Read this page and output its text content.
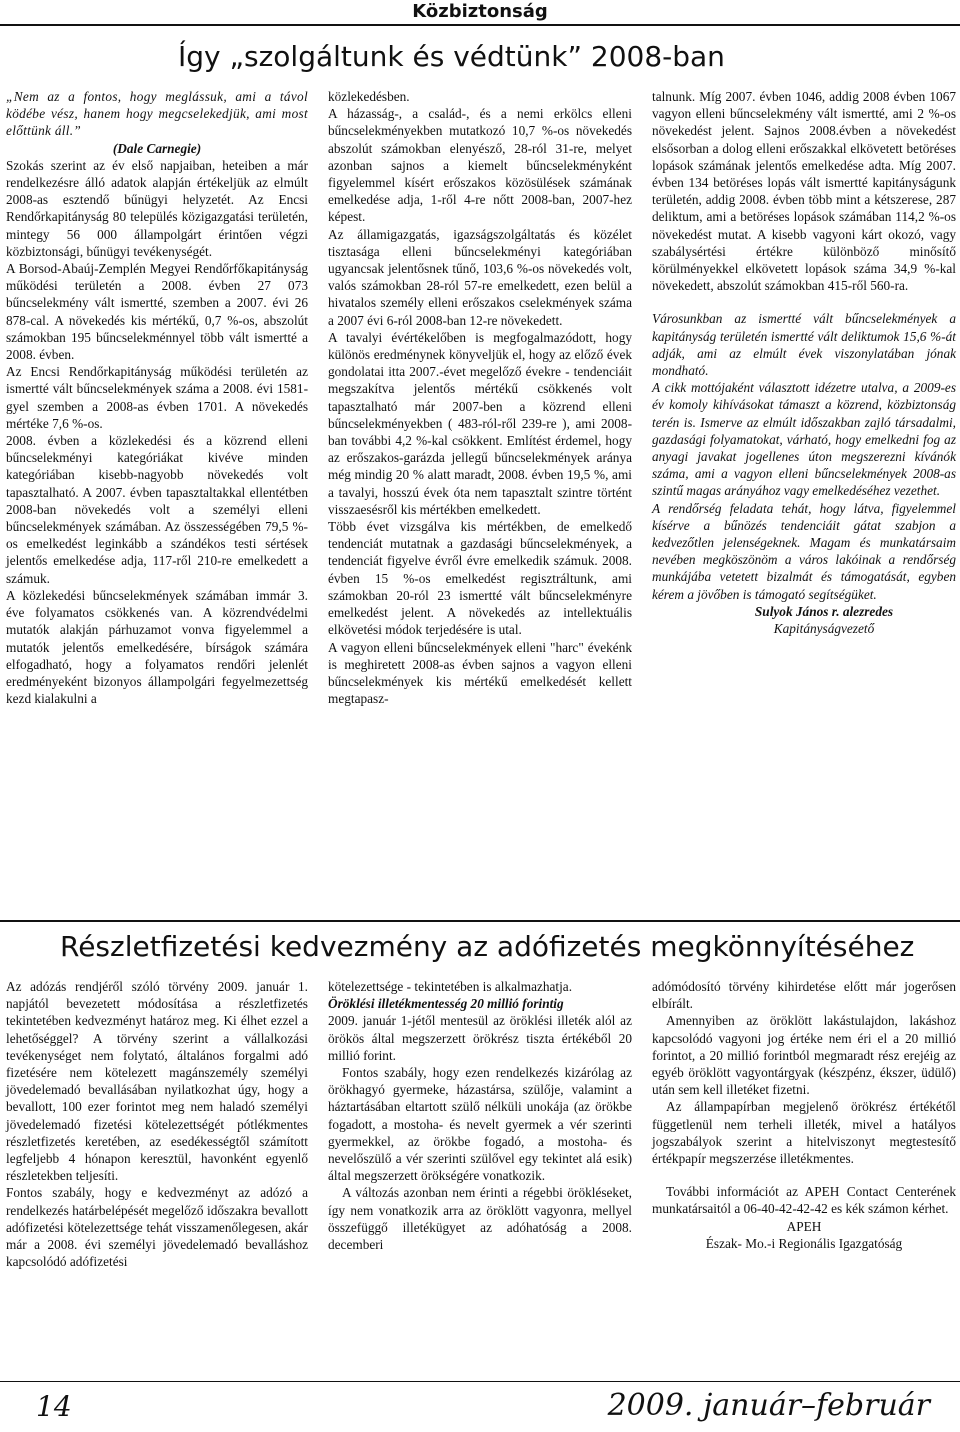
Közbiztonság
Így „szolgáltunk és védtünk” 2008-ban

„Nem az a fontos, hogy meglássuk, ami a távol ködébe vész, hanem hogy megcselekedjük, ami most előttünk áll.”

(Dale Carnegie)

Szokás szerint az év első napjaiban, heteiben a már rendelkezésre álló adatok alapján értékeljük az elmúlt 2008-as esztendő bűnügyi helyzetét. Az Encsi Rendőrkapitányság 80 település közigazgatási területén, mintegy 56 000 állampolgárt érintően végzi közbiztonsági, bűnügyi tevékenységét.

A Borsod-Abaúj-Zemplén Megyei Rendőrfőkapitányság működési területén a 2008. évben 27 073 bűncselekmény vált ismertté, szemben a 2007. évi 26 878-cal. A növekedés kis mértékű, 0,7 %-os, abszolút számokban 195 bűncselekménnyel több vált ismertté a 2008. évben.

Az Encsi Rendőrkapitányság működési területén az ismertté vált bűncselekmények száma a 2008. évi 1581-gyel szemben a 2008-as évben 1701. A növekedés mértéke 7,6 %-os.

2008. évben a közlekedési és a közrend elleni bűncselekményi kategóriákat kivéve minden kategóriában kisebb-nagyobb növekedés volt tapasztalható. A 2007. évben tapasztaltakkal ellentétben 2008-ban növekedés volt a személyi elleni bűncselekmények számában. Az összességében 79,5 %-os emelkedést leginkább a szándékos testi sértések jelentős emelkedése adja, 117-ről 210-re emelkedett a számuk.

A közlekedési bűncselekmények számában immár 3. éve folyamatos csökkenés van. A közrendvédelmi mutatók alakján párhuzamot vonva figyelemmel a mutatók jelentős emelkedésére, bírságok számára elfogadható, hogy a folyamatos rendőri jelenlét eredményeként bizonyos állampolgári fegyelmezettség kezd kialakulni a

közlekedésben.

A házasság-, a család-, és a nemi erkölcs elleni bűncselekményekben mutatkozó 10,7 %-os növekedés abszolút számokban elenyésző, 28-ról 31-re, melyet azonban sajnos a kiemelt bűncselekményként figyelemmel kísért erőszakos közösülések számának emelkedése adja, 1-ről 4-re nőtt 2008-ban, 2007-hez képest.

Az államigazgatás, igazságszolgáltatás és közélet tisztasága elleni bűncselekményi kategóriában ugyancsak jelentősnek tűnő, 103,6 %-os növekedés volt, valós számokban 28-ról 57-re emelkedett, ezen belül a hivatalos személy elleni erőszakos cselekmények száma a 2007 évi 6-ról 2008-ban 12-re növekedett.

A tavalyi évértékelőben is megfogalmazódott, hogy különös eredménynek könyveljük el, hogy az előző évek gondolatai itta 2007.-évet megelőző évekre - tendenciáit megszakítva jelentős mértékű csökkenés volt tapasztalható már 2007-ben a közrend elleni bűncselekményekben ( 483-ról-ről 239-re ), ami 2008-ban további 4,2 %-kal csökkent. Említést érdemel, hogy az erőszakos-garázda jellegű bűncselekmények aránya még mindig 20 % alatt maradt, 2008. évben 19,5 %, ami a tavalyi, hosszú évek óta nem tapasztalt szintre történt visszaesésről kis mértékben emelkedett.

Több évet vizsgálva kis mértékben, de emelkedő tendenciát mutatnak a gazdasági bűncselekmények, a tendenciát figyelve évről évre emelkedik számuk. 2008. évben 15 %-os emelkedést regisztráltunk, ami számokban 20-ról 23 ismertté vált bűncselekményre emelkedést jelent. A növekedés az intellektuális elkövetési módok terjedésére is utal.

A vagyon elleni bűncselekmények elleni "harc" évekénk is meghiretett 2008-as évben sajnos a vagyon elleni bűncselekmények kis mértékű emelkedését kellett megtapasz-

talnunk. Míg 2007. évben 1046, addig 2008 évben 1067 vagyon elleni bűncselekmény vált ismertté, ami 2 %-os növekedést jelent. Sajnos 2008.évben a növekedést elsősorban a dolog elleni erőszakkal elkövetett betöréses lopások számának jelentős emelkedése adta. Míg 2007. évben 134 betöréses lopás vált ismertté kapitányságunk területén, addig 2008. évben több mint a kétszerese, 287 deliktum, ami a betöréses lopások számában 114,2 %-os növekedést mutat. A kisebb vagyoni kárt okozó, vagy szabálysértési értékre különböző minősítő körülményekkel elkövetett lopások száma 34,9 %-kal növekedett, abszolút számokban 415-ről 560-ra.

Városunkban az ismertté vált bűncselekmények a kapitányság területén ismertté vált deliktumok 15,6 %-át adják, ami az elmúlt évek viszonylatában jónak mondható.

A cikk mottójaként választott idézetre utalva, a 2009-es év komoly kihívásokat támaszt a közrend, közbiztonság terén is. Ismerve az elmúlt időszakban zajló társadalmi, gazdasági folyamatokat, várható, hogy emelkedni fog az anyagi javakat jogellenes úton megszerezni kívánók száma, ami a vagyon elleni bűncselekmények 2008-as szintű magas arányához vagy emelkedéséhez vezethet.

A rendőrség feladata tehát, hogy látva, figyelemmel kísérve a bűnözés tendenciáit gátat szabjon a kedvezőtlen jelenségeknek. Magam és munkatársaim nevében megköszönöm a város lakóinak a rendőrség munkájába vetetett bizalmát és támogatását, egyben kérem a jövőben is támogató segítségüket.

Sulyok János r. alezredes

Kapitányságvezető

Részletfizetési kedvezmény az adófizetés megkönnyítéséhez

Az adózás rendjéről szóló törvény 2009. január 1. napjától bevezetett módosítása a részletfizetés tekintetében kedvezményt határoz meg. Ki élhet ezzel a lehetőséggel? A törvény szerint a vállalkozási tevékenységet nem folytató, általános forgalmi adó fizetésére nem kötelezett magánszemély személyi jövedelemadó bevallásában nyilatkozhat úgy, hogy a bevallott, 100 ezer forintot meg nem haladó személyi jövedelemadó fizetési kötelezettségét pótlékmentes részletfizetés keretében, az esedékességtől számított legfeljebb 4 hónapon keresztül, havonként egyenlő részletekben teljesíti.

Fontos szabály, hogy e kedvezményt az adózó a rendelkezés határbelépését megelőző időszakra bevallott adófizetési kötelezettsége tehát visszamenőlegesen, akár már a 2008. évi személyi jövedelemadó bevalláshoz kapcsolódó adófizetési

kötelezettsége - tekintetében is alkalmazhatja.

Öröklési illetékmentesség 20 millió forintig

2009. január 1-jétől mentesül az öröklési illeték alól az örökös által megszerzett örökrész tiszta értékéből 20 millió forint.

Fontos szabály, hogy ezen rendelkezés kizárólag az örökhagyó gyermeke, házastársa, szülője, valamint a háztartásában eltartott szülő nélküli unokája (az örökbe fogadott, a mostoha- és nevelt gyermek a vér szerinti gyermekkel, az örökbe fogadó, a mostoha- és nevelőszülő a vér szerinti szülővel egy tekintet alá esik) által megszerzett örökségére vonatkozik.

A változás azonban nem érinti a régebbi örökléseket, így nem vonatkozik arra az öröklött vagyonra, mellyel összefüggő illetékügyet az adóhatóság a 2008. decemberi

adómódosító törvény kihirdetése előtt már jogerősen elbírált.

Amennyiben az öröklött lakástulajdon, lakáshoz kapcsolódó vagyoni jog értéke nem éri el a 20 millió forintot, a 20 millió forintból megmaradt rész erejéig az egyéb öröklött vagyontárgyak (készpénz, ékszer, üdülő) után sem kell illetéket fizetni.

Az állampapírban megjelenő örökrész értékétől függetlenül nem terheli illeték, mivel a hatályos jogszabályok szerint a hitelviszonyt megtestesítő értékpapír megszerzése illetékmentes.

További információt az APEH Contact Centerének munkatársaitól a 06-40-42-42-42 es kék számon kérhet.

APEH

Észak- Mo.-i Regionális Igazgatóság

14	2009. január–február
